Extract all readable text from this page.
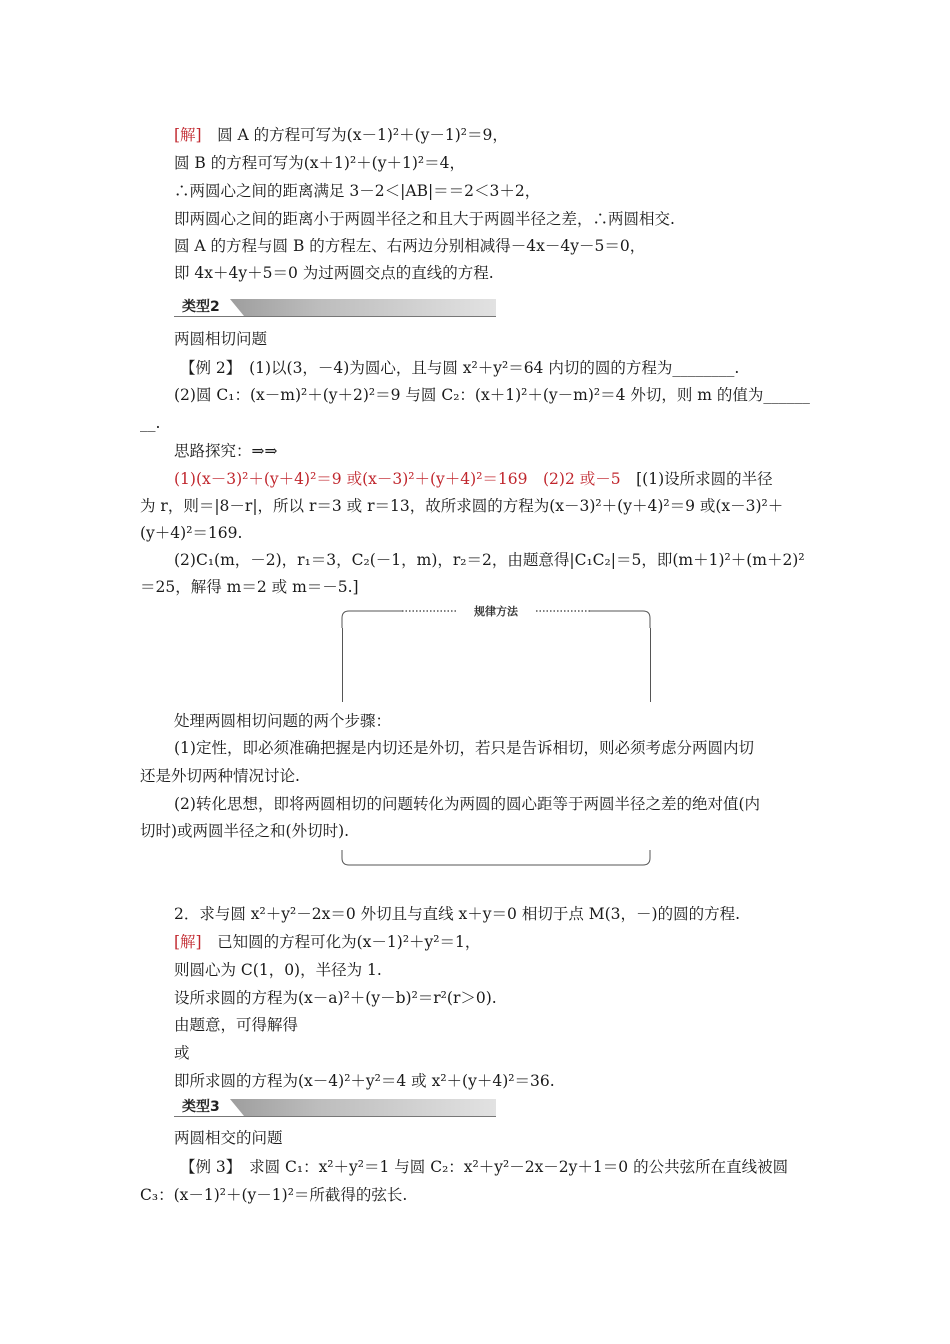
[解]　 圆 A 的方程可写为(x－1)²＋(y－1)²＝9，
圆 B 的方程可写为(x＋1)²＋(y＋1)²＝4，
∴两圆心之间的距离满足 3－2＜|AB|＝＝2＜3＋2，
即两圆心之间的距离小于两圆半径之和且大于两圆半径之差，∴两圆相交.
圆 A 的方程与圆 B 的方程左、右两边分别相减得－4x－4y－5＝0，
即 4x＋4y＋5＝0 为过两圆交点的直线的方程.
类型2
两圆相切问题
【例 2】　 (1)以(3，－4)为圆心，且与圆 x²＋y²＝64 内切的圆的方程为________.
(2)圆 C₁：(x－m)²＋(y＋2)²＝9 与圆 C₂：(x＋1)²＋(y－m)²＝4 外切，则 m 的值为______
__.
思路探究：⇒⇒
(1)(x－3)²＋(y＋4)²＝9 或(x－3)²＋(y＋4)²＝169　(2)2 或－5　[(1)设所求圆的半径
为 r，则＝|8－r|，所以 r＝3 或 r＝13，故所求圆的方程为(x－3)²＋(y＋4)²＝9 或(x－3)²＋
(y＋4)²＝169.
(2)C₁(m，－2)，r₁＝3，C₂(－1，m)，r₂＝2，由题意得|C₁C₂|＝5，即(m＋1)²＋(m＋2)²
＝25，解得 m＝2 或 m＝－5.]
规律方法
处理两圆相切问题的两个步骤：
(1)定性，即必须准确把握是内切还是外切，若只是告诉相切，则必须考虑分两圆内切
还是外切两种情况讨论.
(2)转化思想，即将两圆相切的问题转化为两圆的圆心距等于两圆半径之差的绝对值(内
切时)或两圆半径之和(外切时).
2．求与圆 x²＋y²－2x＝0 外切且与直线 x＋y＝0 相切于点 M(3，－)的圆的方程.
[解]　 已知圆的方程可化为(x－1)²＋y²＝1，
则圆心为 C(1，0)，半径为 1.
设所求圆的方程为(x－a)²＋(y－b)²＝r²(r＞0).
由题意，可得解得
或
即所求圆的方程为(x－4)²＋y²＝4 或 x²＋(y＋4)²＝36.
类型3
两圆相交的问题
【例 3】　 求圆 C₁：x²＋y²＝1 与圆 C₂：x²＋y²－2x－2y＋1＝0 的公共弦所在直线被圆
C₃：(x－1)²＋(y－1)²＝所截得的弦长.
